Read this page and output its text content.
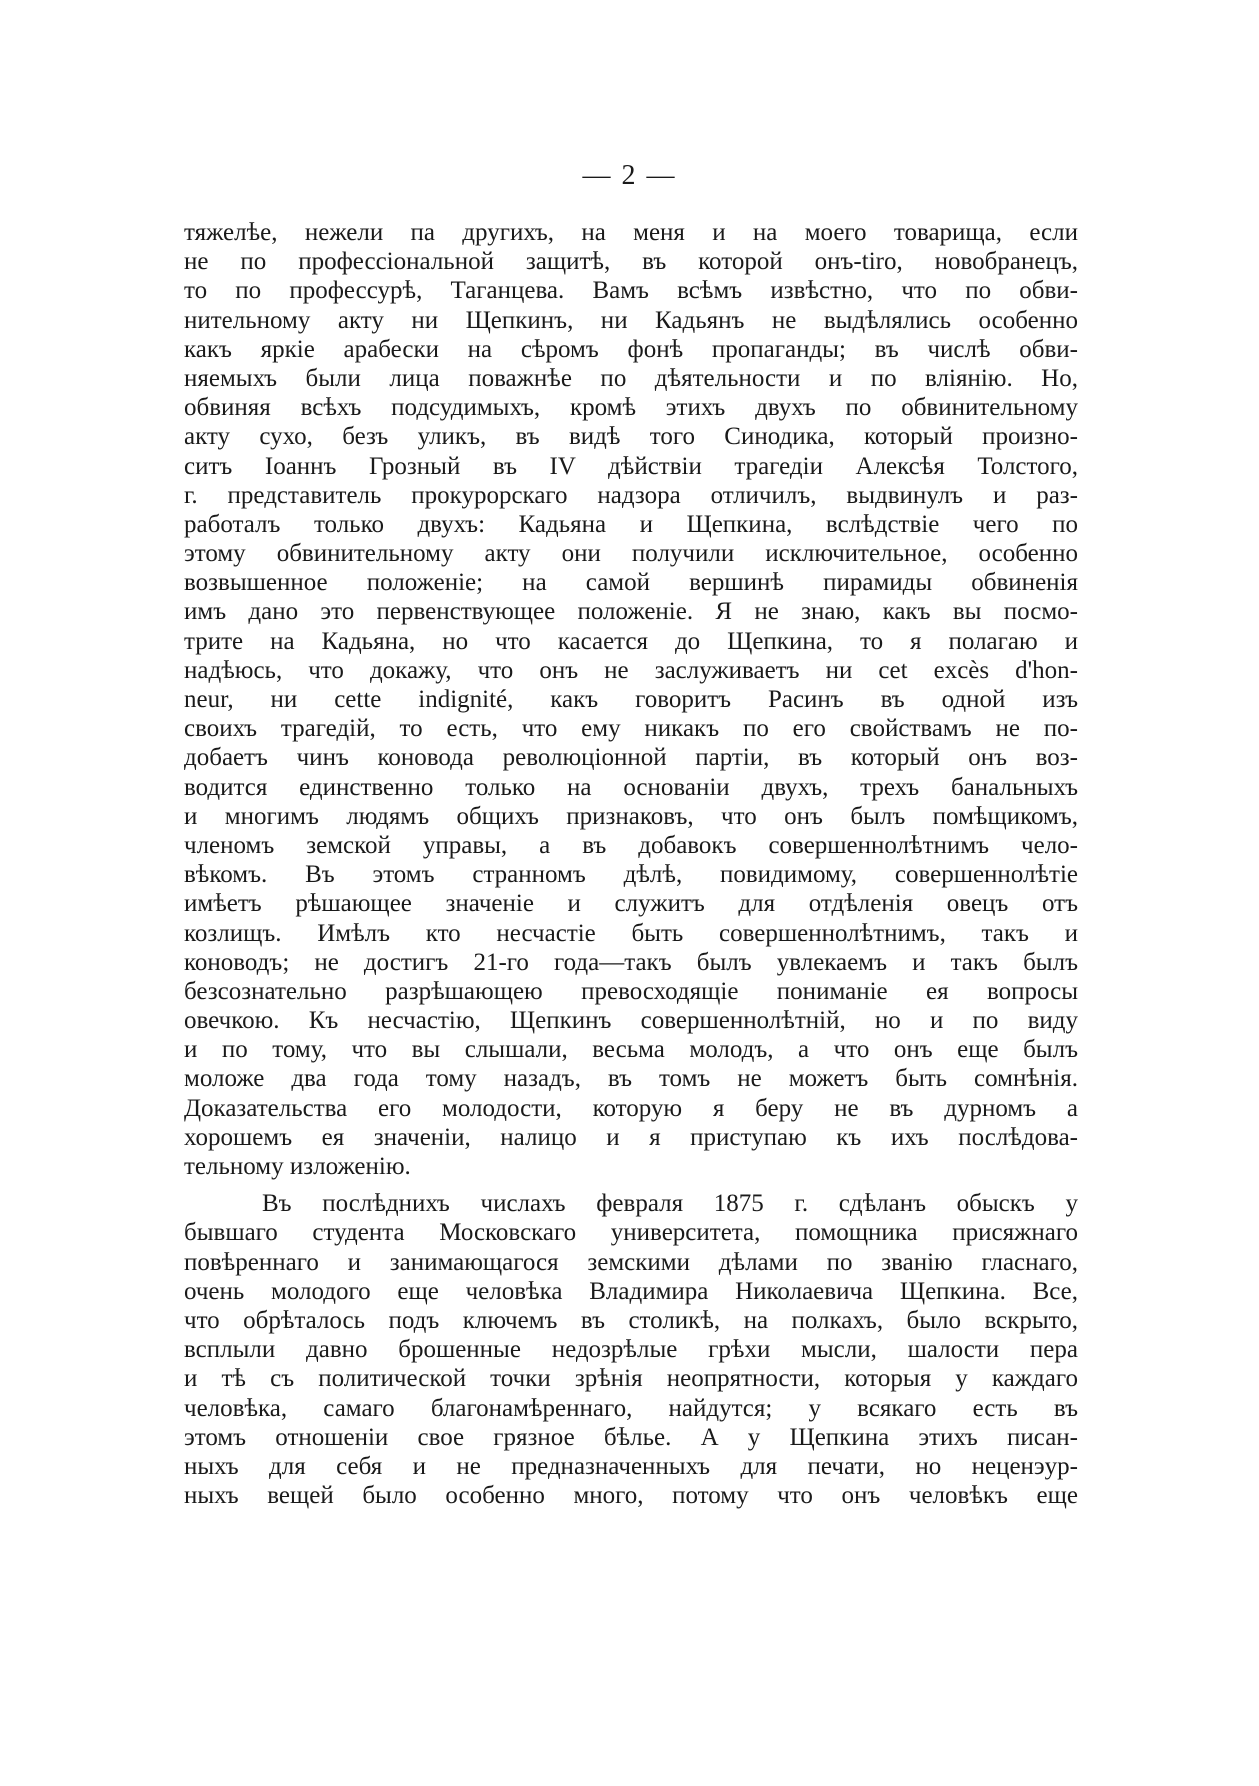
— 2 —
тяжелѣе, нежели па другихъ, на меня и на моего товарища, если
не по профессіональной защитѣ, въ которой онъ-tiro, новобранецъ,
то по профессурѣ, Таганцева. Вамъ всѣмъ извѣстно, что по обви-
нительному акту ни Щепкинъ, ни Кадьянъ не выдѣлялись особенно
какъ яркіе арабески на сѣромъ фонѣ пропаганды; въ числѣ обви-
няемыхъ были лица поважнѣе по дѣятельности и по вліянію. Но,
обвиняя всѣхъ подсудимыхъ, кромѣ этихъ двухъ по обвинительному
акту сухо, безъ уликъ, въ видѣ того Синодика, который произно-
ситъ Іоаннъ Грозный въ IV дѣйствіи трагедіи Алексѣя Толстого,
г. представитель прокурорскаго надзора отличилъ, выдвинулъ и раз-
работалъ только двухъ: Кадьяна и Щепкина, вслѣдствіе чего по
этому обвинительному акту они получили исключительное, особенно
возвышенное положеніе; на самой вершинѣ пирамиды обвиненія
имъ дано это первенствующее положеніе. Я не знаю, какъ вы посмо-
трите на Кадьяна, но что касается до Щепкина, то я полагаю и
надѣюсь, что докажу, что онъ не заслуживаетъ ни cet excès d'hon-
neur, ни cette indignité, какъ говоритъ Расинъ въ одной изъ
своихъ трагедій, то есть, что ему никакъ по его свойствамъ не по-
добаетъ чинъ коновода революціонной партіи, въ который онъ воз-
водится единственно только на основаніи двухъ, трехъ банальныхъ
и многимъ людямъ общихъ признаковъ, что онъ былъ помѣщикомъ,
членомъ земской управы, а въ добавокъ совершеннолѣтнимъ чело-
вѣкомъ. Въ этомъ странномъ дѣлѣ, повидимому, совершеннолѣтіе
имѣетъ рѣшающее значеніе и служитъ для отдѣленія овецъ отъ
козлищъ. Имѣлъ кто несчастіе быть совершеннолѣтнимъ, такъ и
коноводъ; не достигъ 21-го года—такъ былъ увлекаемъ и такъ былъ
безсознательно разрѣшающею превосходящіе пониманіе ея вопросы
овечкою. Къ несчастію, Щепкинъ совершеннолѣтній, но и по виду
и по тому, что вы слышали, весьма молодъ, а что онъ еще былъ
моложе два года тому назадъ, въ томъ не можетъ быть сомнѣнія.
Доказательства его молодости, которую я беру не въ дурномъ а
хорошемъ ея значеніи, налицо и я приступаю къ ихъ послѣдова-
тельному изложенію.
Въ послѣднихъ числахъ февраля 1875 г. сдѣланъ обыскъ у
бывшаго студента Московскаго университета, помощника присяжнаго
повѣреннаго и занимающагося земскими дѣлами по званію гласнаго,
очень молодого еще человѣка Владимира Николаевича Щепкина. Все,
что обрѣталось подъ ключемъ въ столикѣ, на полкахъ, было вскрыто,
всплыли давно брошенные недозрѣлые грѣхи мысли, шалости пера
и тѣ съ политической точки зрѣнія неопрятности, которыя у каждаго
человѣка, самаго благонамѣреннаго, найдутся; у всякаго есть въ
этомъ отношеніи свое грязное бѣлье. А у Щепкина этихъ писан-
ныхъ для себя и не предназначенныхъ для печати, но неценэур-
ныхъ вещей было особенно много, потому что онъ человѣкъ еще
